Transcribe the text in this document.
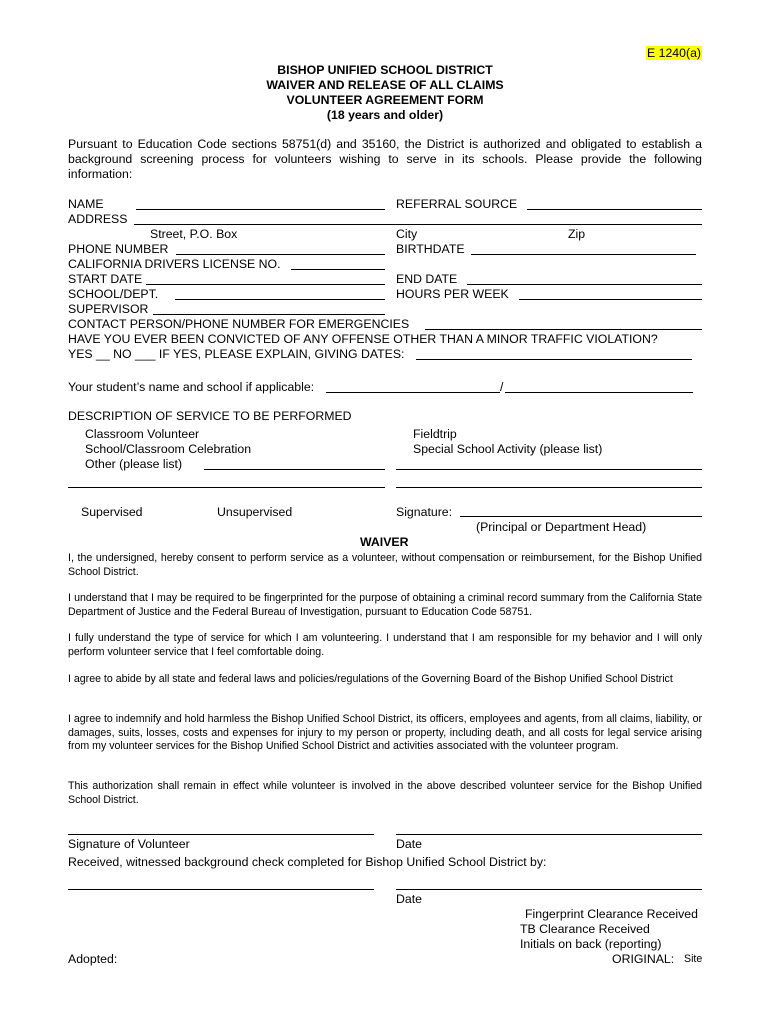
E 1240(a)
BISHOP UNIFIED SCHOOL DISTRICT
WAIVER AND RELEASE OF ALL CLAIMS
VOLUNTEER AGREEMENT FORM
(18 years and older)
Pursuant to Education Code sections 58751(d) and 35160, the District is authorized and obligated to establish a background screening process for volunteers wishing to serve in its schools. Please provide the following information:
NAME	REFERRAL SOURCE
ADDRESS
Street, P.O. Box	City	Zip
PHONE NUMBER	BIRTHDATE
CALIFORNIA DRIVERS LICENSE NO.
START DATE	END DATE
SCHOOL/DEPT.	HOURS PER WEEK
SUPERVISOR
CONTACT PERSON/PHONE NUMBER FOR EMERGENCIES
HAVE YOU EVER BEEN CONVICTED OF ANY OFFENSE OTHER THAN A MINOR TRAFFIC VIOLATION?
YES __ NO ___ IF YES, PLEASE EXPLAIN, GIVING DATES:
Your student’s name and school if applicable:	/
DESCRIPTION OF SERVICE TO BE PERFORMED
Classroom Volunteer	Fieldtrip
School/Classroom Celebration	Special School Activity (please list)
Other (please list)
Supervised	Unsupervised	Signature:
(Principal or Department Head)
WAIVER
I, the undersigned, hereby consent to perform service as a volunteer, without compensation or reimbursement, for the Bishop Unified School District.
I understand that I may be required to be fingerprinted for the purpose of obtaining a criminal record summary from the California State Department of Justice and the Federal Bureau of Investigation, pursuant to Education Code 58751.
I fully understand the type of service for which I am volunteering. I understand that I am responsible for my behavior and I will only perform volunteer service that I feel comfortable doing.
I agree to abide by all state and federal laws and policies/regulations of the Governing Board of the Bishop Unified School District
I agree to indemnify and hold harmless the Bishop Unified School District, its officers, employees and agents, from all claims, liability, or damages, suits, losses, costs and expenses for injury to my person or property, including death, and all costs for legal service arising from my volunteer services for the Bishop Unified School District and activities associated with the volunteer program.
This authorization shall remain in effect while volunteer is involved in the above described volunteer service for the Bishop Unified School District.
Signature of Volunteer	Date
Received, witnessed background check completed for Bishop Unified School District by:
Date
Fingerprint Clearance Received
TB Clearance Received
Initials on back (reporting)
Adopted:	ORIGINAL: Site
